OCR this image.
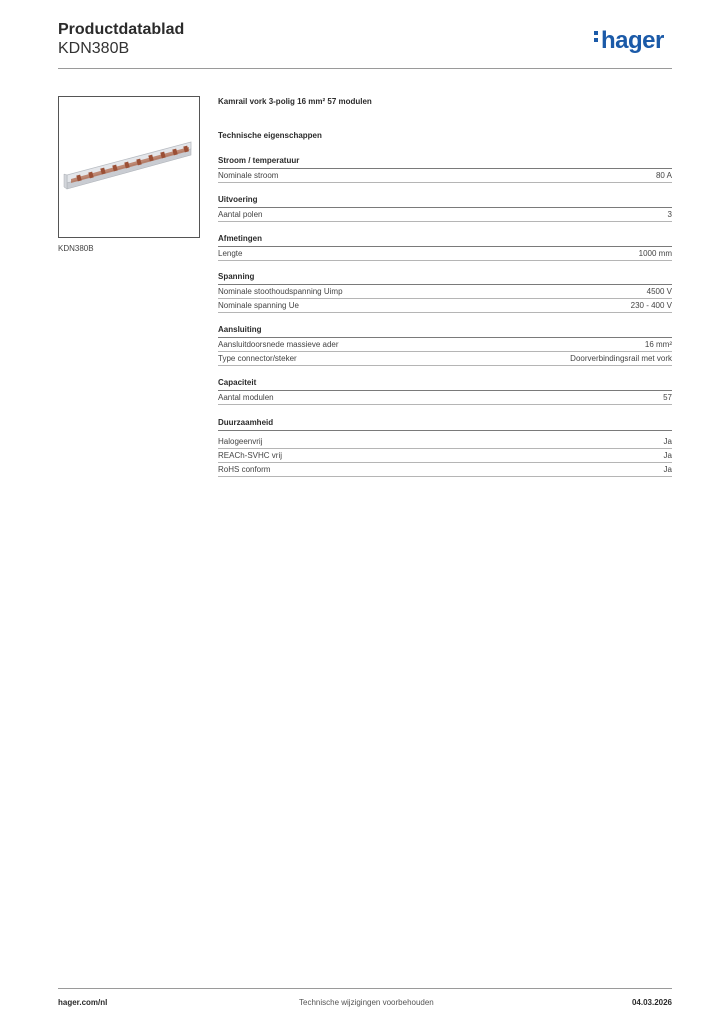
Productdatablad
KDN380B	hager
KDN380B
Kamrail vork 3-polig 16 mm² 57 modulen
Technische eigenschappen
Stroom / temperatuur
Nominale stroom	80 A
Uitvoering
Aantal polen	3
Afmetingen
Lengte	1000 mm
Spanning
Nominale stoothoudspanning Uimp	4500 V
Nominale spanning Ue	230 - 400 V
Aansluiting
Aansluitdoorsnede massieve ader	16 mm²
Type connector/steker	Doorverbindingsrail met vork
Capaciteit
Aantal modulen	57
Duurzaamheid
Halogeenvrij	Ja
REACh-SVHC vrij	Ja
RoHS conform	Ja
hager.com/nl	Technische wijzigingen voorbehouden	04.03.2026
